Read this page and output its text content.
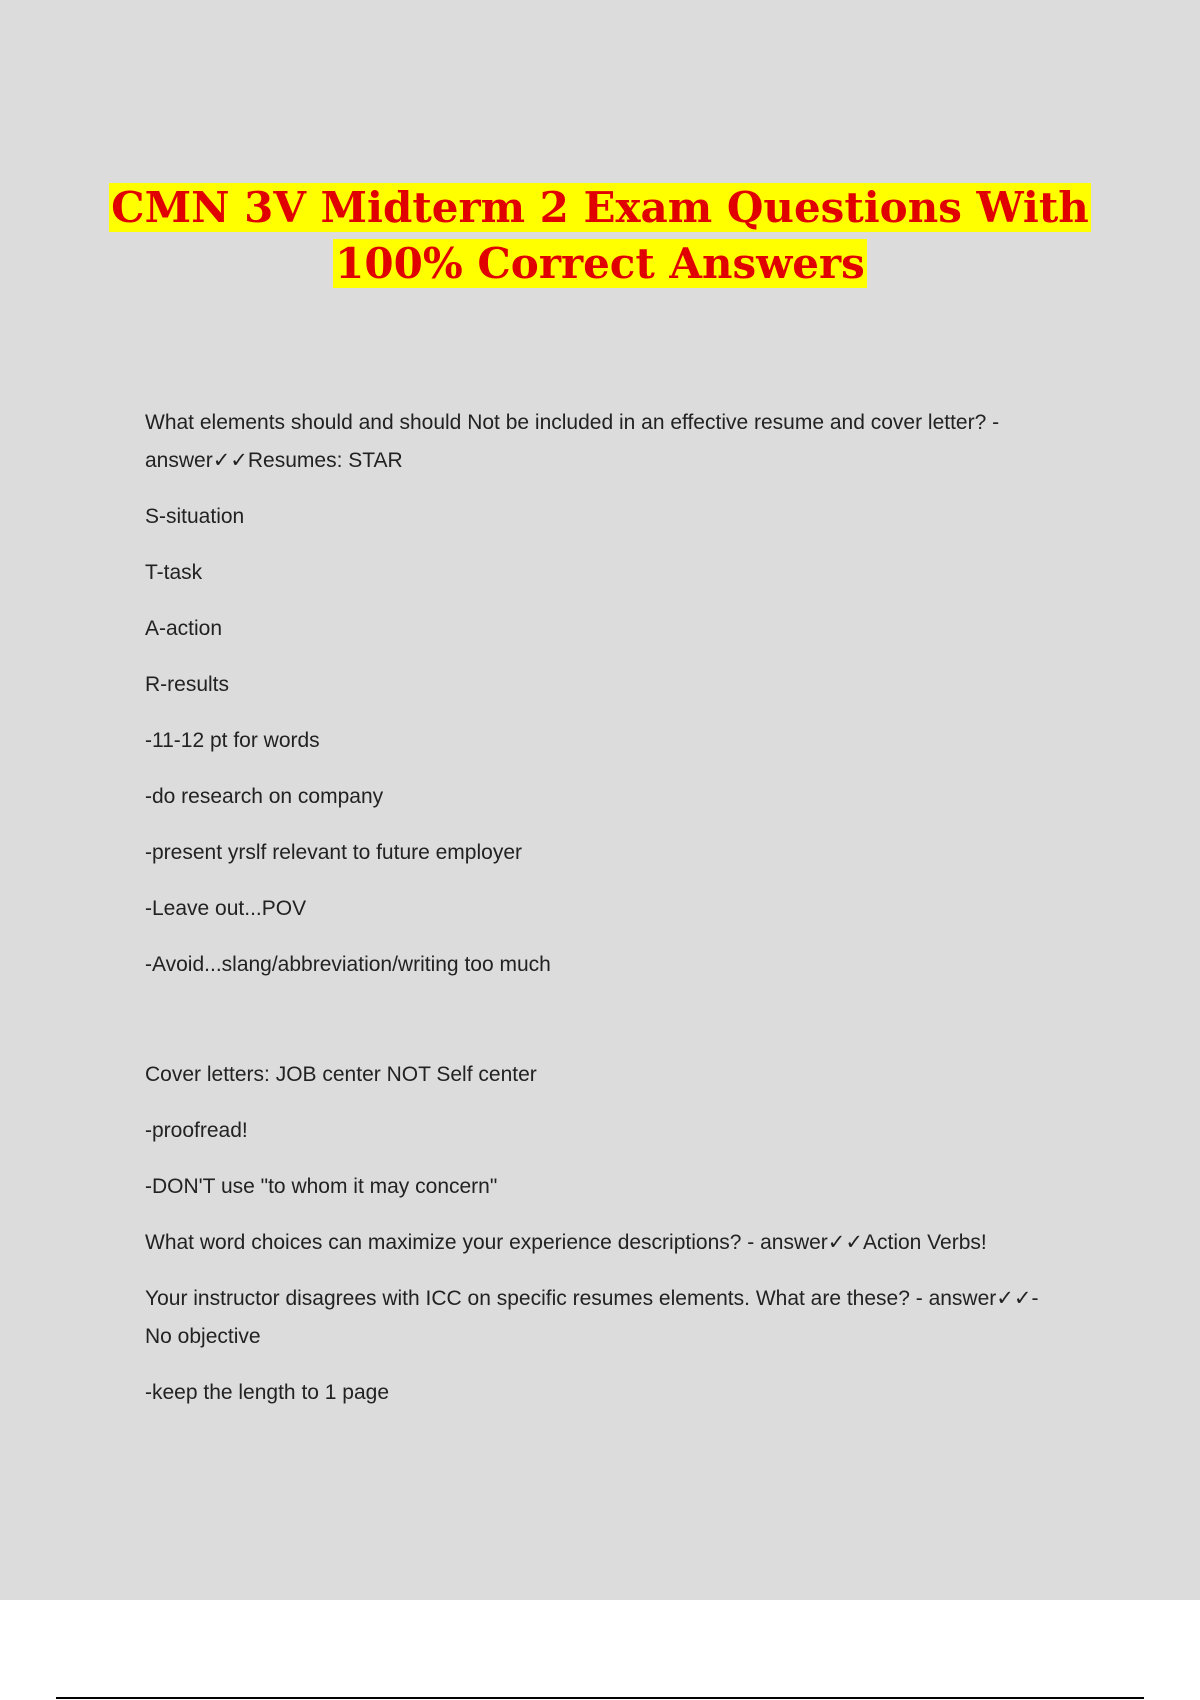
CMN 3V Midterm 2 Exam Questions With
100% Correct Answers

What elements should and should Not be included in an effective resume and cover letter? -

answer✓✓Resumes: STAR

S-situation

T-task

A-action

R-results

-11-12 pt for words

-do research on company

-present yrslf relevant to future employer

-Leave out...POV

-Avoid...slang/abbreviation/writing too much

Cover letters: JOB center NOT Self center

-proofread!

-DON'T use "to whom it may concern"

What word choices can maximize your experience descriptions? - answer✓✓Action Verbs!

Your instructor disagrees with ICC on specific resumes elements. What are these? - answer✓✓-

No objective

-keep the length to 1 page
